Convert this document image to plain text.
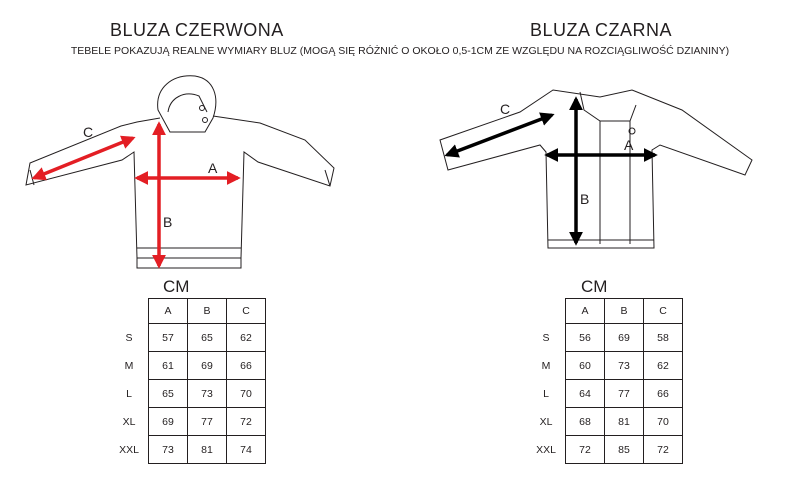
BLUZA CZERWONA	BLUZA CZARNA
TEBELE POKAZUJĄ REALNE WYMIARY BLUZ (MOGĄ SIĘ RÓŻNIĆ O OKOŁO 0,5-1CM ZE WZGLĘDU NA ROZCIĄGLIWOŚĆ DZIANINY)
C
A
B
C
A
B
CM	CM
	A	B	C
S	57	65	62
M	61	69	66
L	65	73	70
XL	69	77	72
XXL	73	81	74
	A	B	C
S	56	69	58
M	60	73	62
L	64	77	66
XL	68	81	70
XXL	72	85	72
